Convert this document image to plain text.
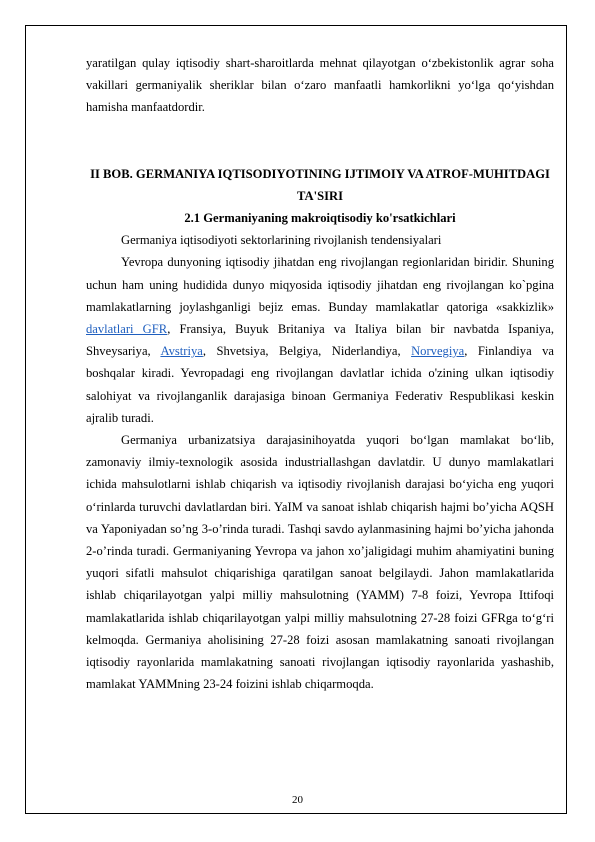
yaratilgan qulay iqtisodiy shart-sharoitlarda mehnat qilayotgan o‘zbekistonlik agrar soha vakillari germaniyalik sheriklar bilan o‘zaro manfaatli hamkorlikni yo‘lga qo‘yishdan hamisha manfaatdordir.

II BOB. GERMANIYA IQTISODIYOTINING IJTIMOIY VA ATROF-MUHITDAGI TA'SIRI
2.1 Germaniyaning makroiqtisodiy ko'rsatkichlari

Germaniya iqtisodiyoti sektorlarining rivojlanish tendensiyalari

Yevropa dunyoning iqtisodiy jihatdan eng rivojlangan regionlaridan biridir. Shuning uchun ham uning hudidida dunyo miqyosida iqtisodiy jihatdan eng rivojlangan ko`pgina mamlakatlarning joylashganligi bejiz emas. Bunday mamlakatlar qatoriga «sakkizlik» davlatlari GFR, Fransiya, Buyuk Britaniya va Italiya bilan bir navbatda Ispaniya, Shveysariya, Avstriya, Shvetsiya, Belgiya, Niderlandiya, Norvegiya, Finlandiya va boshqalar kiradi. Yevropadagi eng rivojlangan davlatlar ichida o'zining ulkan iqtisodiy salohiyat va rivojlanganlik darajasiga binoan Germaniya Federativ Respublikasi keskin ajralib turadi.

Germaniya urbanizatsiya darajasinihoyatda yuqori bo‘lgan mamlakat bo‘lib, zamonaviy ilmiy-texnologik asosida industriallashgan davlatdir. U dunyo mamlakatlari ichida mahsulotlarni ishlab chiqarish va iqtisodiy rivojlanish darajasi bo‘yicha eng yuqori o‘rinlarda turuvchi davlatlardan biri. YaIM va sanoat ishlab chiqarish hajmi bo’yicha AQSH va Yaponiyadan so’ng 3-o’rinda turadi. Tashqi savdo aylanmasining hajmi bo’yicha jahonda 2-o’rinda turadi. Germaniyaning Yevropa va jahon xo’jaligidagi muhim ahamiyatini buning yuqori sifatli mahsulot chiqarishiga qaratilgan sanoat belgilaydi. Jahon mamlakatlarida ishlab chiqarilayotgan yalpi milliy mahsulotning (YAMM) 7-8 foizi, Yevropa Ittifoqi mamlakatlarida ishlab chiqarilayotgan yalpi milliy mahsulotning 27-28 foizi GFRga to‘g‘ri kelmoqda. Germaniya aholisining 27-28 foizi asosan mamlakatning sanoati rivojlangan iqtisodiy rayonlarida mamlakatning sanoati rivojlangan iqtisodiy rayonlarida yashashib, mamlakat YAMMning 23-24 foizini ishlab chiqarmoqda.

20
